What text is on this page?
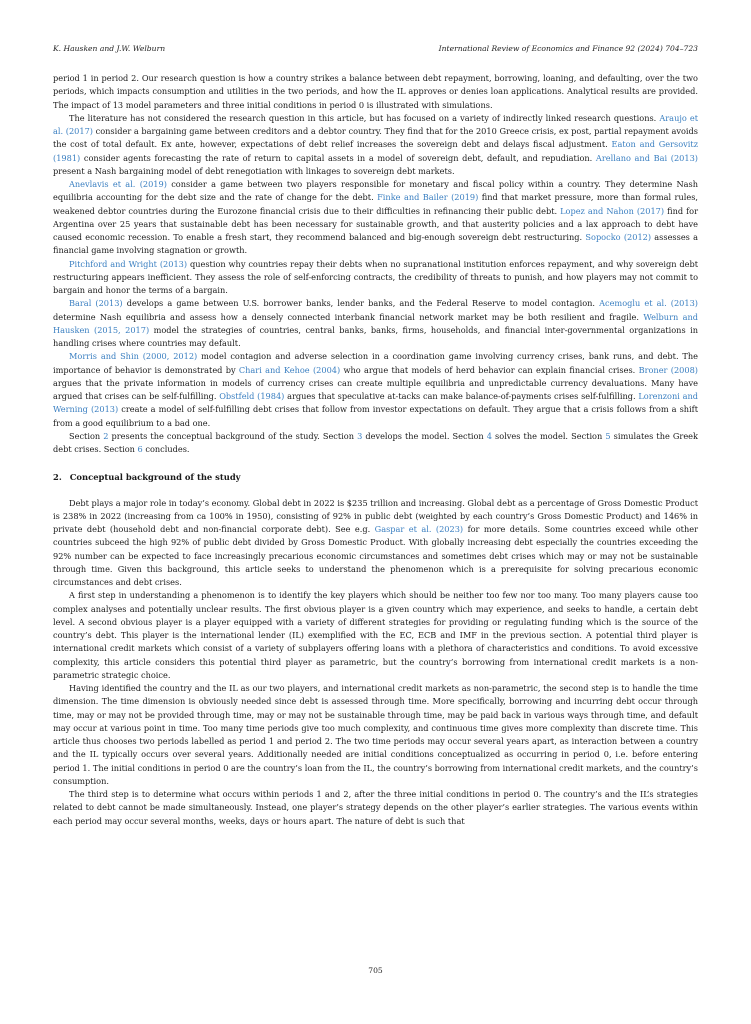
K. Hausken and J.W. Welburn	International Review of Economics and Finance 92 (2024) 704–723

period 1 in period 2. Our research question is how a country strikes a balance between debt repayment, borrowing, loaning, and defaulting, over the two periods, which impacts consumption and utilities in the two periods, and how the IL approves or denies loan applications. Analytical results are provided. The impact of 13 model parameters and three initial conditions in period 0 is illustrated with simulations.

The literature has not considered the research question in this article, but has focused on a variety of indirectly linked research questions. Araujo et al. (2017) consider a bargaining game between creditors and a debtor country. They find that for the 2010 Greece crisis, ex post, partial repayment avoids the cost of total default. Ex ante, however, expectations of debt relief increases the sovereign debt and delays fiscal adjustment. Eaton and Gersovitz (1981) consider agents forecasting the rate of return to capital assets in a model of sovereign debt, default, and repudiation. Arellano and Bai (2013) present a Nash bargaining model of debt renegotiation with linkages to sovereign debt markets.

Anevlavis et al. (2019) consider a game between two players responsible for monetary and fiscal policy within a country. They determine Nash equilibria accounting for the debt size and the rate of change for the debt. Finke and Bailer (2019) find that market pressure, more than formal rules, weakened debtor countries during the Eurozone financial crisis due to their difficulties in refinancing their public debt. Lopez and Nahon (2017) find for Argentina over 25 years that sustainable debt has been necessary for sustainable growth, and that austerity policies and a lax approach to debt have caused economic recession. To enable a fresh start, they recommend balanced and big-enough sovereign debt restructuring. Sopocko (2012) assesses a financial game involving stagnation or growth.

Pitchford and Wright (2013) question why countries repay their debts when no supranational institution enforces repayment, and why sovereign debt restructuring appears inefficient. They assess the role of self-enforcing contracts, the credibility of threats to punish, and how players may not commit to bargain and honor the terms of a bargain.

Baral (2013) develops a game between U.S. borrower banks, lender banks, and the Federal Reserve to model contagion. Acemoglu et al. (2013) determine Nash equilibria and assess how a densely connected interbank financial network market may be both resilient and fragile. Welburn and Hausken (2015, 2017) model the strategies of countries, central banks, banks, firms, households, and financial inter-governmental organizations in handling crises where countries may default.

Morris and Shin (2000, 2012) model contagion and adverse selection in a coordination game involving currency crises, bank runs, and debt. The importance of behavior is demonstrated by Chari and Kehoe (2004) who argue that models of herd behavior can explain financial crises. Broner (2008) argues that the private information in models of currency crises can create multiple equilibria and unpredictable currency devaluations. Many have argued that crises can be self-fulfilling. Obstfeld (1984) argues that speculative at-tacks can make balance-of-payments crises self-fulfilling. Lorenzoni and Werning (2013) create a model of self-fulfilling debt crises that follow from investor expectations on default. They argue that a crisis follows from a shift from a good equilibrium to a bad one.

Section 2 presents the conceptual background of the study. Section 3 develops the model. Section 4 solves the model. Section 5 simulates the Greek debt crises. Section 6 concludes.

2. Conceptual background of the study

Debt plays a major role in today’s economy. Global debt in 2022 is $235 trillion and increasing. Global debt as a percentage of Gross Domestic Product is 238% in 2022 (increasing from ca 100% in 1950), consisting of 92% in public debt (weighted by each country’s Gross Domestic Product) and 146% in private debt (household debt and non-financial corporate debt). See e.g. Gaspar et al. (2023) for more details. Some countries exceed while other countries subceed the high 92% of public debt divided by Gross Domestic Product. With globally increasing debt especially the countries exceeding the 92% number can be expected to face increasingly precarious economic circumstances and sometimes debt crises which may or may not be sustainable through time. Given this background, this article seeks to understand the phenomenon which is a prerequisite for solving precarious economic circumstances and debt crises.

A first step in understanding a phenomenon is to identify the key players which should be neither too few nor too many. Too many players cause too complex analyses and potentially unclear results. The first obvious player is a given country which may experience, and seeks to handle, a certain debt level. A second obvious player is a player equipped with a variety of different strategies for providing or regulating funding which is the source of the country’s debt. This player is the international lender (IL) exemplified with the EC, ECB and IMF in the previous section. A potential third player is international credit markets which consist of a variety of subplayers offering loans with a plethora of characteristics and conditions. To avoid excessive complexity, this article considers this potential third player as parametric, but the country’s borrowing from international credit markets is a non-parametric strategic choice.

Having identified the country and the IL as our two players, and international credit markets as non-parametric, the second step is to handle the time dimension. The time dimension is obviously needed since debt is assessed through time. More specifically, borrowing and incurring debt occur through time, may or may not be provided through time, may or may not be sustainable through time, may be paid back in various ways through time, and default may occur at various point in time. Too many time periods give too much complexity, and continuous time gives more complexity than discrete time. This article thus chooses two periods labelled as period 1 and period 2. The two time periods may occur several years apart, as interaction between a country and the IL typically occurs over several years. Additionally needed are initial conditions conceptualized as occurring in period 0, i.e. before entering period 1. The initial conditions in period 0 are the country’s loan from the IL, the country’s borrowing from international credit markets, and the country’s consumption.

The third step is to determine what occurs within periods 1 and 2, after the three initial conditions in period 0. The country’s and the IL’s strategies related to debt cannot be made simultaneously. Instead, one player’s strategy depends on the other player’s earlier strategies. The various events within each period may occur several months, weeks, days or hours apart. The nature of debt is such that

705
